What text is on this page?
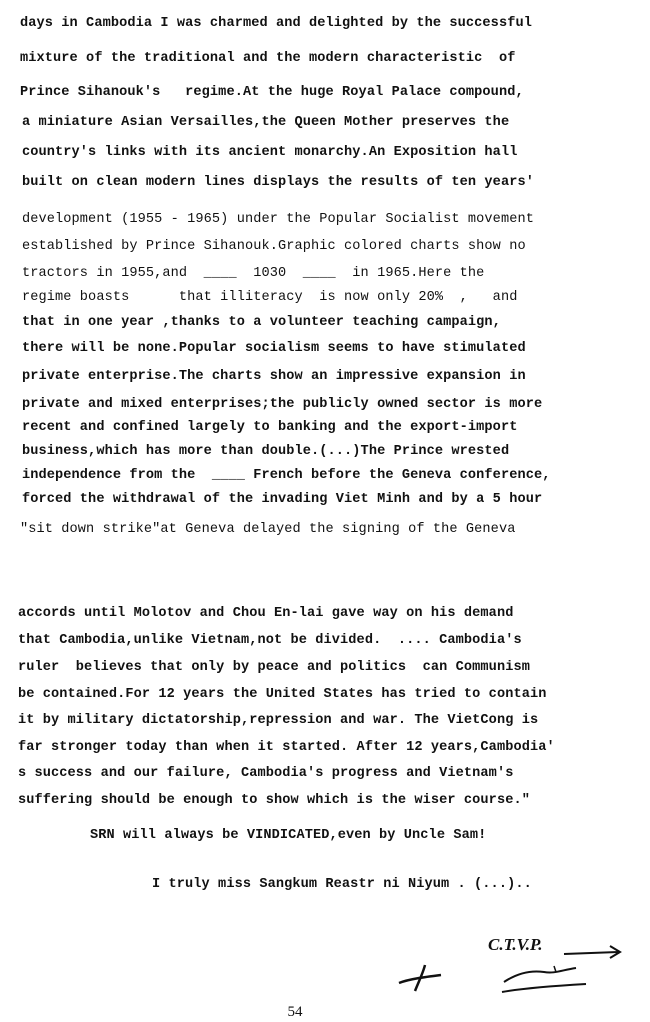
days in Cambodia I was charmed and delighted by the successful
mixture of the traditional and the modern characteristic  of
Prince Sihanouk's   regime.At the huge Royal Palace compound,
a miniature Asian Versailles,the Queen Mother preserves the
country's links with its ancient monarchy.An Exposition hall
built on clean modern lines displays the results of ten years'
development (1955 - 1965) under the Popular Socialist movement
established by Prince Sihanouk.Graphic colored charts show no
tractors in 1955,and  ____  1030  ____  in 1965.Here the
regime boasts      that illiteracy  is now only 20%  ,   and
that in one year ,thanks to a volunteer teaching campaign,
there will be none.Popular socialism seems to have stimulated
private enterprise.The charts show an impressive expansion in
private and mixed enterprises;the publicly owned sector is more
recent and confined largely to banking and the export-import
business,which has more than double.(...)The Prince wrested
independence from the  ____ French before the Geneva conference,
forced the withdrawal of the invading Viet Minh and by a 5 hour
"sit down strike"at Geneva delayed the signing of the Geneva
accords until Molotov and Chou En-lai gave way on his demand
that Cambodia,unlike Vietnam,not be divided.  .... Cambodia's
ruler  believes that only by peace and politics  can Communism
be contained.For 12 years the United States has tried to contain
it by military dictatorship,repression and war. The VietCong is
far stronger today than when it started. After 12 years,Cambodia'
s success and our failure, Cambodia's progress and Vietnam's
suffering should be enough to show which is the wiser course."
SRN will always be VINDICATED,even by Uncle Sam!
I truly miss Sangkum Reastr ni Niyum . (...)..
C.T.V.P.
54
